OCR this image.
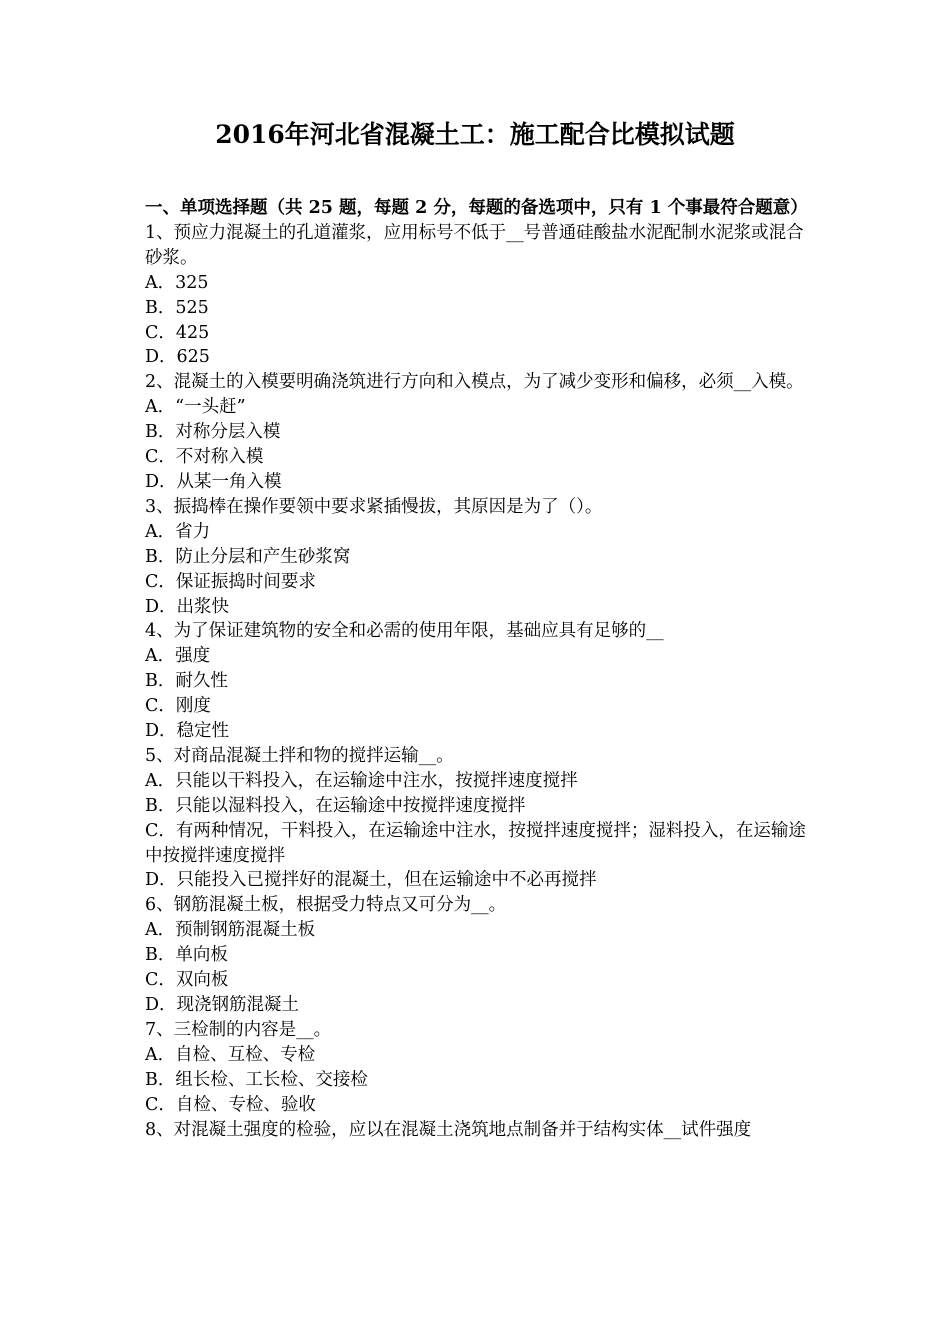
2016年河北省混凝土工：施工配合比模拟试题
一、单项选择题（共 25 题，每题 2 分，每题的备选项中，只有 1 个事最符合题意）
1、预应力混凝土的孔道灌浆，应用标号不低于__号普通硅酸盐水泥配制水泥浆或混合砂浆。
A．325
B．525
C．425
D．625
2、混凝土的入模要明确浇筑进行方向和入模点，为了减少变形和偏移，必须__入模。
A．“一头赶”
B．对称分层入模
C．不对称入模
D．从某一角入模
3、振捣棒在操作要领中要求紧插慢拔，其原因是为了（）。
A．省力
B．防止分层和产生砂浆窝
C．保证振捣时间要求
D．出浆快
4、为了保证建筑物的安全和必需的使用年限，基础应具有足够的__
A．强度
B．耐久性
C．刚度
D．稳定性
5、对商品混凝土拌和物的搅拌运输__。
A．只能以干料投入，在运输途中注水，按搅拌速度搅拌
B．只能以湿料投入，在运输途中按搅拌速度搅拌
C．有两种情况，干料投入，在运输途中注水，按搅拌速度搅拌；湿料投入，在运输途中按搅拌速度搅拌
D．只能投入已搅拌好的混凝土，但在运输途中不必再搅拌
6、钢筋混凝土板，根据受力特点又可分为__。
A．预制钢筋混凝土板
B．单向板
C．双向板
D．现浇钢筋混凝土
7、三检制的内容是__。
A．自检、互检、专检
B．组长检、工长检、交接检
C．自检、专检、验收
8、对混凝土强度的检验，应以在混凝土浇筑地点制备并于结构实体__试件强度
